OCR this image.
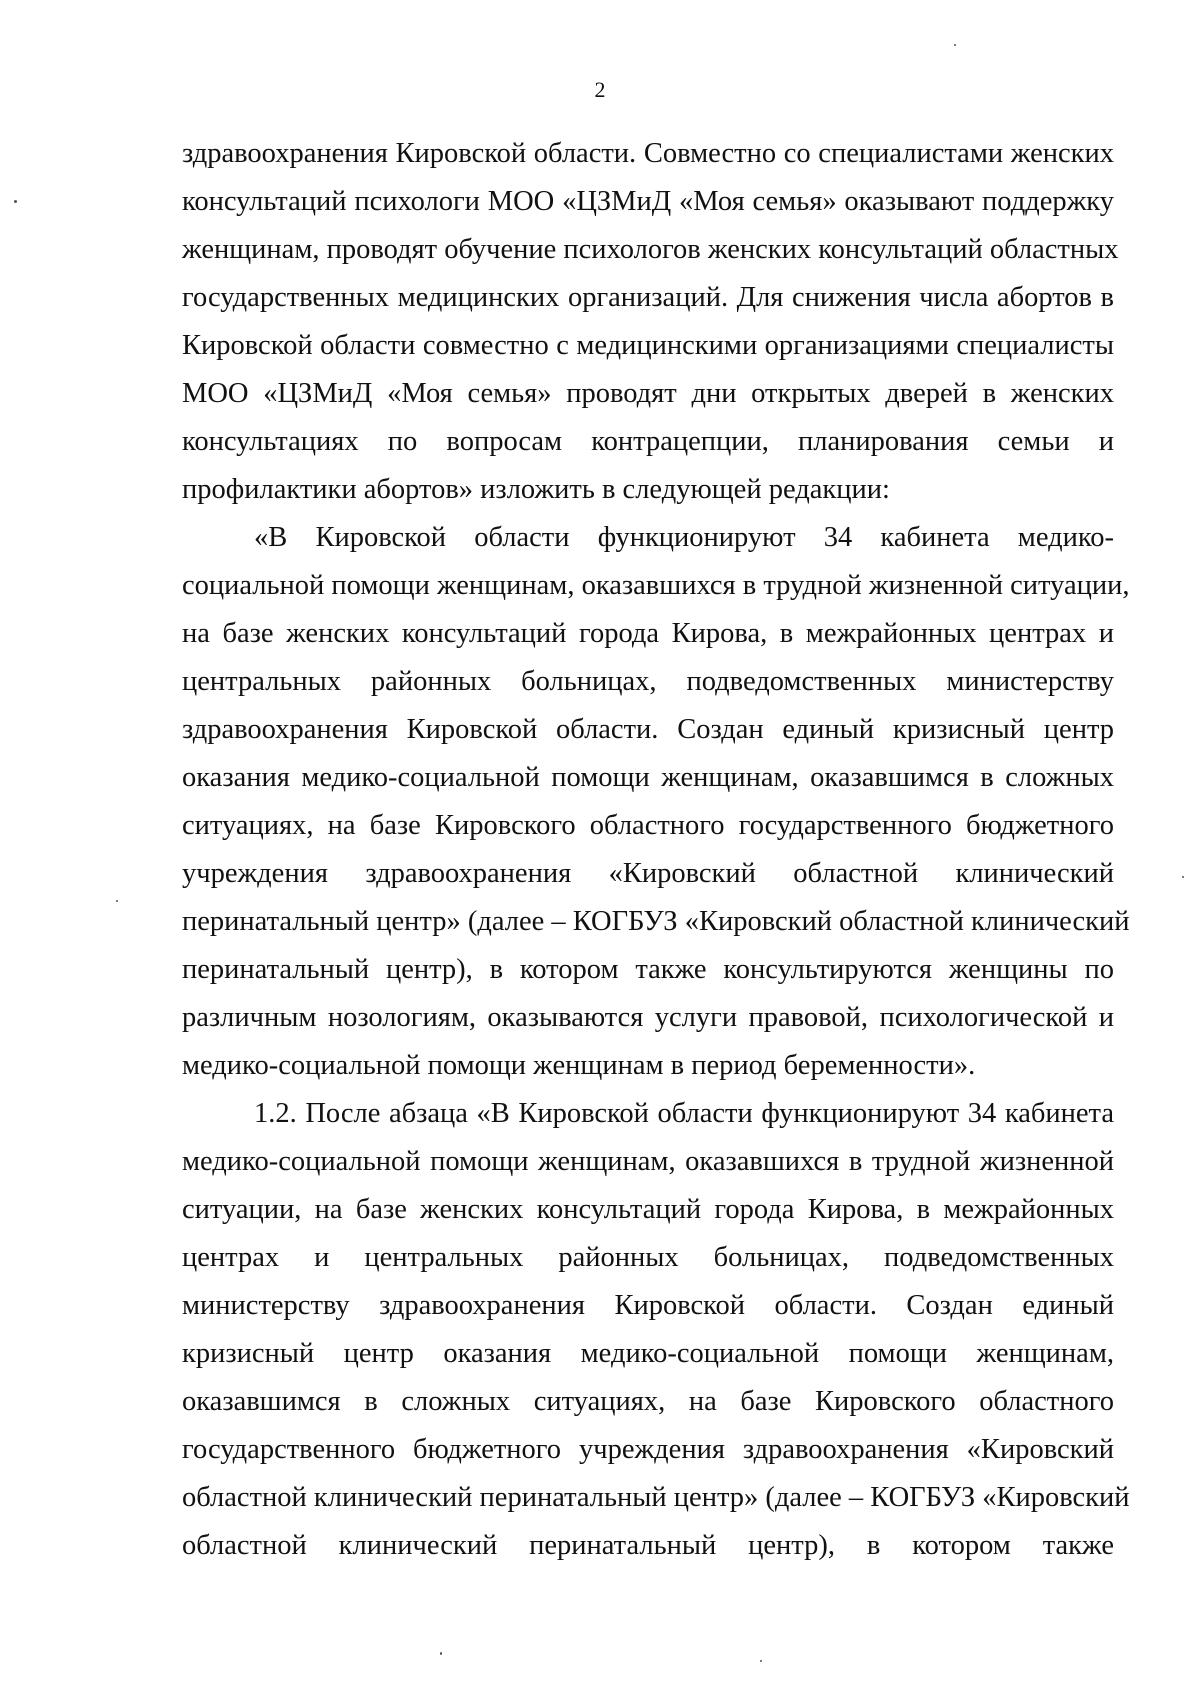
2
здравоохранения Кировской области. Совместно со специалистами женских
консультаций психологи МОО «ЦЗМиД «Моя семья» оказывают поддержку
женщинам, проводят обучение психологов женских консультаций областных
государственных медицинских организаций. Для снижения числа абортов в
Кировской области совместно с медицинскими организациями специалисты
МОО «ЦЗМиД «Моя семья» проводят дни открытых дверей в женских
консультациях по вопросам контрацепции, планирования семьи и
профилактики абортов» изложить в следующей редакции:
«В Кировской области функционируют 34 кабинета медико-
социальной помощи женщинам, оказавшихся в трудной жизненной ситуации,
на базе женских консультаций города Кирова, в межрайонных центрах и
центральных районных больницах, подведомственных министерству
здравоохранения Кировской области. Создан единый кризисный центр
оказания медико-социальной помощи женщинам, оказавшимся в сложных
ситуациях, на базе Кировского областного государственного бюджетного
учреждения здравоохранения «Кировский областной клинический
перинатальный центр» (далее – КОГБУЗ «Кировский областной клинический
перинатальный центр), в котором также консультируются женщины по
различным нозологиям, оказываются услуги правовой, психологической и
медико-социальной помощи женщинам в период беременности».
1.2. После абзаца «В Кировской области функционируют 34 кабинета
медико-социальной помощи женщинам, оказавшихся в трудной жизненной
ситуации, на базе женских консультаций города Кирова, в межрайонных
центрах и центральных районных больницах, подведомственных
министерству здравоохранения Кировской области. Создан единый
кризисный центр оказания медико-социальной помощи женщинам,
оказавшимся в сложных ситуациях, на базе Кировского областного
государственного бюджетного учреждения здравоохранения «Кировский
областной клинический перинатальный центр» (далее – КОГБУЗ «Кировский
областной клинический перинатальный центр), в котором также
